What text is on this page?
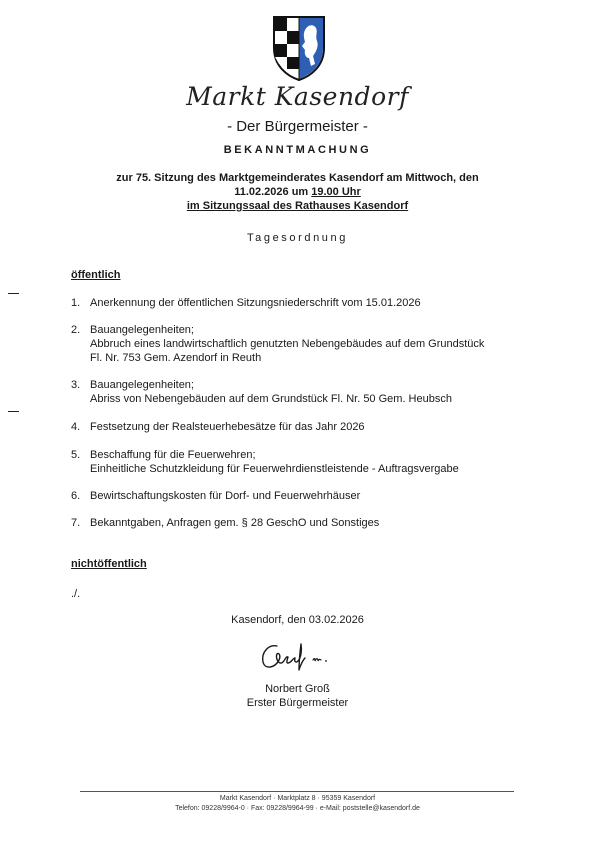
Markt Kasendorf
- Der Bürgermeister -
BEKANNTMACHUNG
zur 75. Sitzung des Marktgemeinderates Kasendorf am Mittwoch, den
11.02.2026 um 19.00 Uhr
im Sitzungssaal des Rathauses Kasendorf
Tagesordnung
öffentlich
1. Anerkennung der öffentlichen Sitzungsniederschrift vom 15.01.2026
2. Bauangelegenheiten;
Abbruch eines landwirtschaftlich genutzten Nebengebäudes auf dem Grundstück
Fl. Nr. 753 Gem. Azendorf in Reuth
3. Bauangelegenheiten;
Abriss von Nebengebäuden auf dem Grundstück Fl. Nr. 50 Gem. Heubsch
4. Festsetzung der Realsteuerhebesätze für das Jahr 2026
5. Beschaffung für die Feuerwehren;
Einheitliche Schutzkleidung für Feuerwehrdienstleistende - Auftragsvergabe
6. Bewirtschaftungskosten für Dorf- und Feuerwehrhäuser
7. Bekanntgaben, Anfragen gem. § 28 GeschO und Sonstiges
nichtöffentlich
./.
Kasendorf, den 03.02.2026
Norbert Groß
Erster Bürgermeister
Markt Kasendorf · Marktplatz 8 · 95359 Kasendorf
Telefon: 09228/9964-0 · Fax: 09228/9964-99 · e-Mail: poststelle@kasendorf.de
